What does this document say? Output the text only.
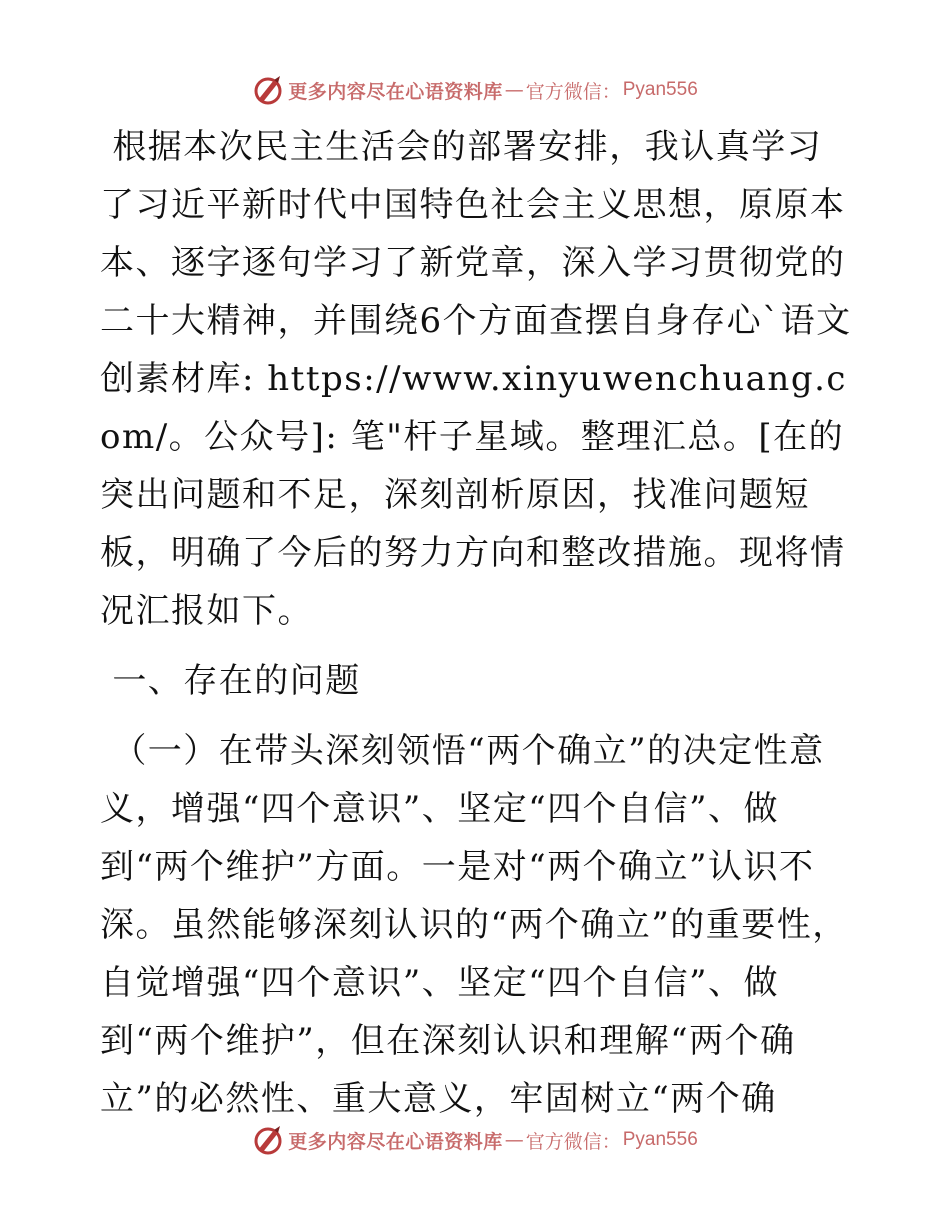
更多内容尽在心语资料库 — 官方微信： Pyan556

根据本次民主生活会的部署安排，我认真学习了习近平新时代中国特色社会主义思想，原原本本、逐字逐句学习了新党章，深入学习贯彻党的二十大精神，并围绕6个方面查摆自身存心`语文创素材库: https://www.xinyuwenchuang.com/。公众号]: 笔"杆子星域。整理汇总。[在的突出问题和不足，深刻剖析原因，找准问题短板，明确了今后的努力方向和整改措施。现将情况汇报如下。

一、存在的问题

（一）在带头深刻领悟“两个确立”的决定性意义，增强“四个意识”、坚定“四个自信”、做到“两个维护”方面。一是对“两个确立”认识不深。虽然能够深刻认识的“两个确立”的重要性，自觉增强“四个意识”、坚定“四个自信”、做到“两个维护”，但在深刻认识和理解“两个确立”的必然性、重大意义，牢固树立“两个确

更多内容尽在心语资料库 — 官方微信： Pyan556
